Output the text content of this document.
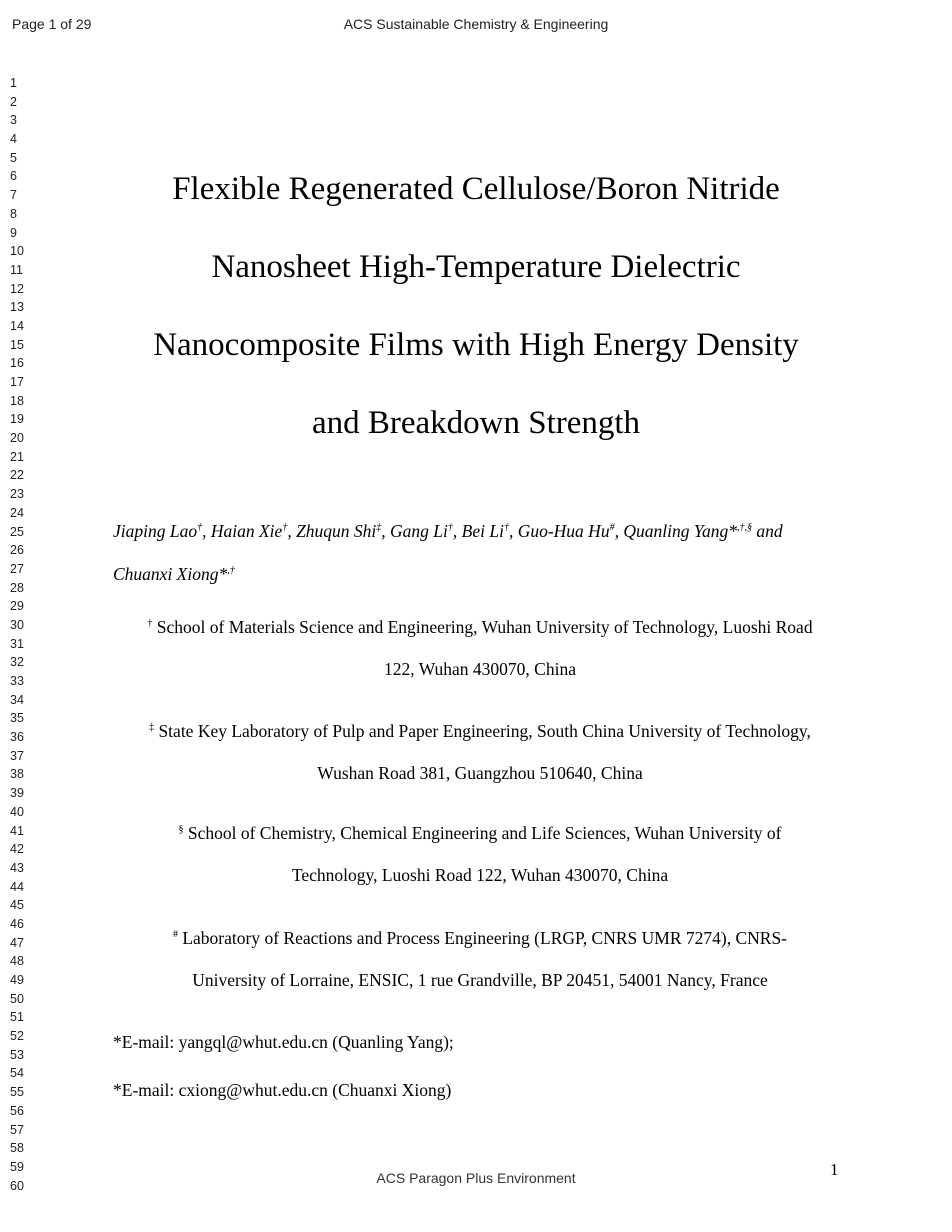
Page 1 of 29	ACS Sustainable Chemistry & Engineering
1
2
3
4
5
6
7
8
9
10
11
12
13
14
15
16
17
18
19
20
21
22
23
24
25
26
27
28
29
30
31
32
33
34
35
36
37
38
39
40
41
42
43
44
45
46
47
48
49
50
51
52
53
54
55
56
57
58
59
60
Flexible Regenerated Cellulose/Boron Nitride
Nanosheet High-Temperature Dielectric
Nanocomposite Films with High Energy Density
and Breakdown Strength
Jiaping Lao†, Haian Xie†, Zhuqun Shi‡, Gang Li†, Bei Li†, Guo-Hua Hu#, Quanling Yang*,†,§ and
Chuanxi Xiong*,†
† School of Materials Science and Engineering, Wuhan University of Technology, Luoshi Road
122, Wuhan 430070, China
‡ State Key Laboratory of Pulp and Paper Engineering, South China University of Technology,
Wushan Road 381, Guangzhou 510640, China
§ School of Chemistry, Chemical Engineering and Life Sciences, Wuhan University of
Technology, Luoshi Road 122, Wuhan 430070, China
# Laboratory of Reactions and Process Engineering (LRGP, CNRS UMR 7274), CNRS-
University of Lorraine, ENSIC, 1 rue Grandville, BP 20451, 54001 Nancy, France
*E-mail: yangql@whut.edu.cn (Quanling Yang);
*E-mail: cxiong@whut.edu.cn (Chuanxi Xiong)
ACS Paragon Plus Environment	1
